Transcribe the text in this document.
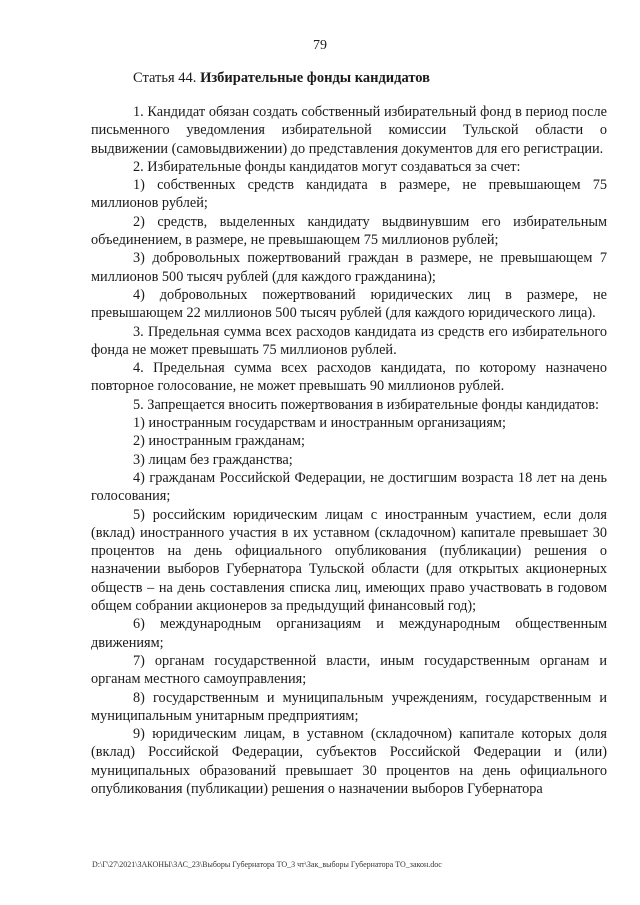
79
Статья 44. Избирательные фонды кандидатов

1. Кандидат обязан создать собственный избирательный фонд в период после письменного уведомления избирательной комиссии Тульской области о выдвижении (самовыдвижении) до представления документов для его регистрации.

2. Избирательные фонды кандидатов могут создаваться за счет:

1) собственных средств кандидата в размере, не превышающем 75 миллионов рублей;

2) средств, выделенных кандидату выдвинувшим его избирательным объединением, в размере, не превышающем 75 миллионов рублей;

3) добровольных пожертвований граждан в размере, не превышающем 7 миллионов 500 тысяч рублей (для каждого гражданина);

4) добровольных пожертвований юридических лиц в размере, не превышающем 22 миллионов 500 тысяч рублей (для каждого юридического лица).

3. Предельная сумма всех расходов кандидата из средств его избирательного фонда не может превышать 75 миллионов рублей.

4. Предельная сумма всех расходов кандидата, по которому назначено повторное голосование, не может превышать 90 миллионов рублей.

5. Запрещается вносить пожертвования в избирательные фонды кандидатов:

1) иностранным государствам и иностранным организациям;

2) иностранным гражданам;

3) лицам без гражданства;

4) гражданам Российской Федерации, не достигшим возраста 18 лет на день голосования;

5) российским юридическим лицам с иностранным участием, если доля (вклад) иностранного участия в их уставном (складочном) капитале превышает 30 процентов на день официального опубликования (публикации) решения о назначении выборов Губернатора Тульской области (для открытых акционерных обществ – на день составления списка лиц, имеющих право участвовать в годовом общем собрании акционеров за предыдущий финансовый год);

6) международным организациям и международным общественным движениям;

7) органам государственной власти, иным государственным органам и органам местного самоуправления;

8) государственным и муниципальным учреждениям, государственным и муниципальным унитарным предприятиям;

9) юридическим лицам, в уставном (складочном) капитале которых доля (вклад) Российской Федерации, субъектов Российской Федерации и (или) муниципальных образований превышает 30 процентов на день официального опубликования (публикации) решения о назначении выборов Губернатора

D:\Г\27\2021\ЗАКОНЫ\ЗАС_23\Выборы Губернатора ТО_3 чт\Зак_выборы Губернатора ТО_закон.doc
